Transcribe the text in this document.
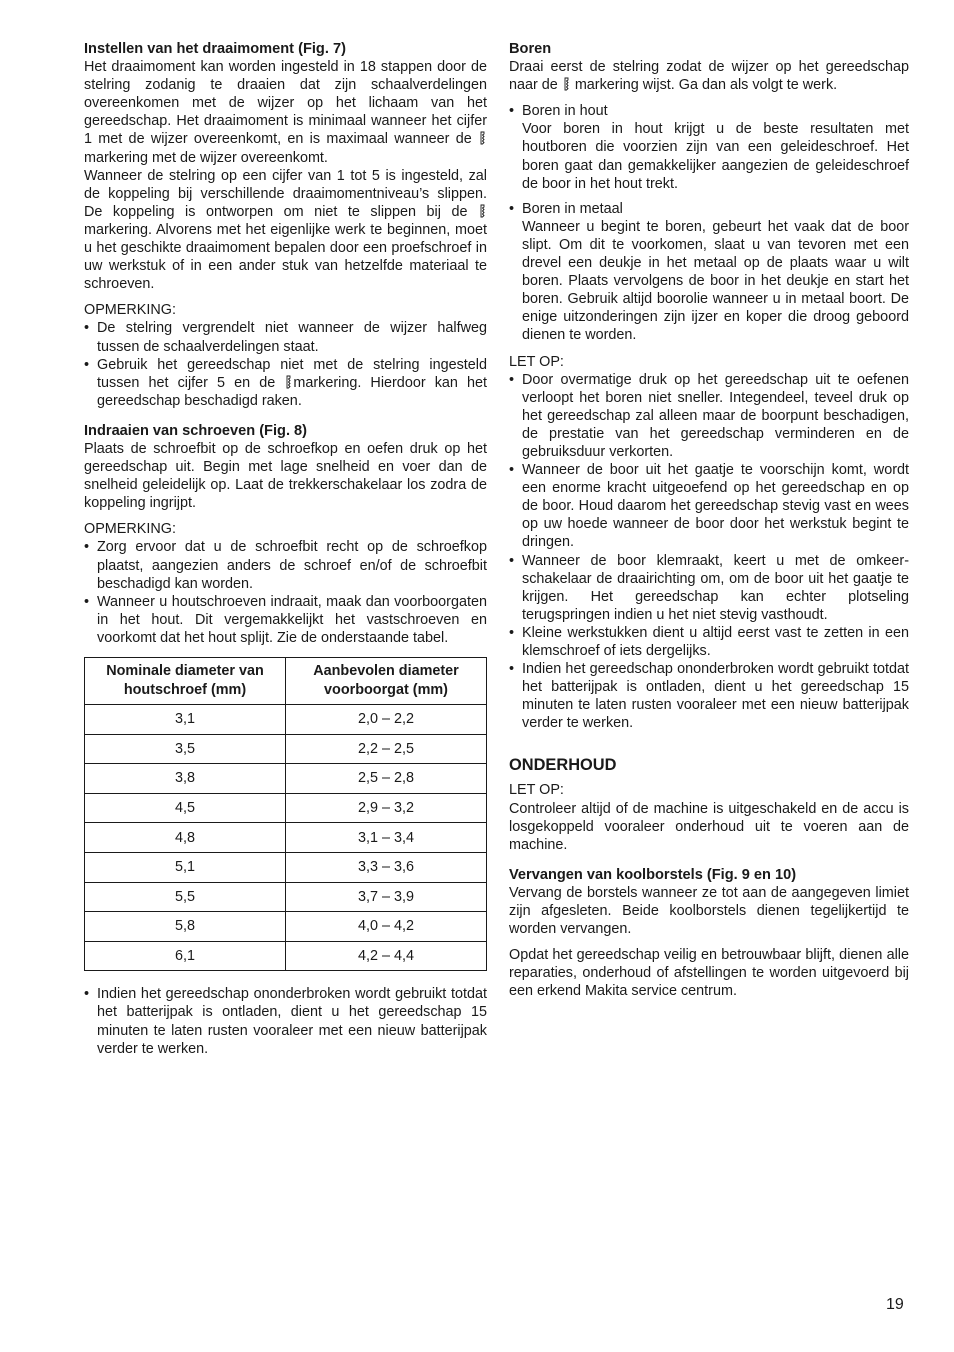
Instellen van het draaimoment (Fig. 7)

Het draaimoment kan worden ingesteld in 18 stappen door de stelring zodanig te draaien dat zijn schaalverdelingen overeenkomen met de wijzer op het lichaam van het gereedschap. Het draaimoment is minimaal wanneer het cijfer 1 met de wijzer overeenkomt, en is maximaal wanneer de markering met de wijzer overeenkomt.

Wanneer de stelring op een cijfer van 1 tot 5 is ingesteld, zal de koppeling bij verschillende draaimomentniveau’s slippen. De koppeling is ontworpen om niet te slippen bij de  markering. Alvorens met het eigenlijke werk te beginnen, moet u het geschikte draaimoment bepalen door een proefschroef in uw werkstuk of in een ander stuk van hetzelfde materiaal te schroeven.

OPMERKING:

• De stelring vergrendelt niet wanneer de wijzer halfweg tussen de schaalverdelingen staat.
• Gebruik het gereedschap niet met de stelring ingesteld tussen het cijfer 5 en de markering. Hierdoor kan het gereedschap beschadigd raken.
Indraaien van schroeven (Fig. 8)

Plaats de schroefbit op de schroefkop en oefen druk op het gereedschap uit. Begin met lage snelheid en voer dan de snelheid geleidelijk op. Laat de trekkerschakelaar los zodra de koppeling ingrijpt.

OPMERKING:

• Zorg ervoor dat u de schroefbit recht op de schroefkop plaatst, aangezien anders de schroef en/of de schroefbit beschadigd kan worden.
• Wanneer u houtschroeven indraait, maak dan voorboorgaten in het hout. Dit vergemakkelijkt het vastschroeven en voorkomt dat het hout splijt. Zie de onderstaande tabel.
Nominale diameter van houtschroef (mm)	Aanbevolen diameter voorboorgat (mm)
3,1	2,0 – 2,2
3,5	2,2 – 2,5
3,8	2,5 – 2,8
4,5	2,9 – 3,2
4,8	3,1 – 3,4
5,1	3,3 – 3,6
5,5	3,7 – 3,9
5,8	4,0 – 4,2
6,1	4,2 – 4,4
• Indien het gereedschap ononderbroken wordt gebruikt totdat het batterijpak is ontladen, dient u het gereedschap 15 minuten te laten rusten vooraleer met een nieuw batterijpak verder te werken.
Boren

Draai eerst de stelring zodat de wijzer op het gereedschap naar de markering wijst. Ga dan als volgt te werk.

• Boren in hout
Voor boren in hout krijgt u de beste resultaten met houtboren die voorzien zijn van een geleideschroef. Het boren gaat dan gemakkelijker aangezien de geleideschroef de boor in het hout trekt.
• Boren in metaal
Wanneer u begint te boren, gebeurt het vaak dat de boor slipt. Om dit te voorkomen, slaat u van tevoren met een drevel een deukje in het metaal op de plaats waar u wilt boren. Plaats vervolgens de boor in het deukje en start het boren. Gebruik altijd boorolie wanneer u in metaal boort. De enige uitzonderingen zijn ijzer en koper die droog geboord dienen te worden.

LET OP:

• Door overmatige druk op het gereedschap uit te oefenen verloopt het boren niet sneller. Integendeel, teveel druk op het gereedschap zal alleen maar de boorpunt beschadigen, de prestatie van het gereedschap verminderen en de gebruiksduur verkorten.
• Wanneer de boor uit het gaatje te voorschijn komt, wordt een enorme kracht uitgeoefend op het gereedschap en op de boor. Houd daarom het gereedschap stevig vast en wees op uw hoede wanneer de boor door het werkstuk begint te dringen.
• Wanneer de boor klemraakt, keert u met de omkeerschakelaar de draairichting om, om de boor uit het gaatje te krijgen. Het gereedschap kan echter plotseling terugspringen indien u het niet stevig vasthoudt.
• Kleine werkstukken dient u altijd eerst vast te zetten in een klemschroef of iets dergelijks.
• Indien het gereedschap ononderbroken wordt gebruikt totdat het batterijpak is ontladen, dient u het gereedschap 15 minuten te laten rusten vooraleer met een nieuw batterijpak verder te werken.
ONDERHOUD

LET OP:

Controleer altijd of de machine is uitgeschakeld en de accu is losgekoppeld vooraleer onderhoud uit te voeren aan de machine.

Vervangen van koolborstels (Fig. 9 en 10)

Vervang de borstels wanneer ze tot aan de aangegeven limiet zijn afgesleten. Beide koolborstels dienen tegelijkertijd te worden vervangen.

Opdat het gereedschap veilig en betrouwbaar blijft, dienen alle reparaties, onderhoud of afstellingen te worden uitgevoerd bij een erkend Makita service centrum.

19
